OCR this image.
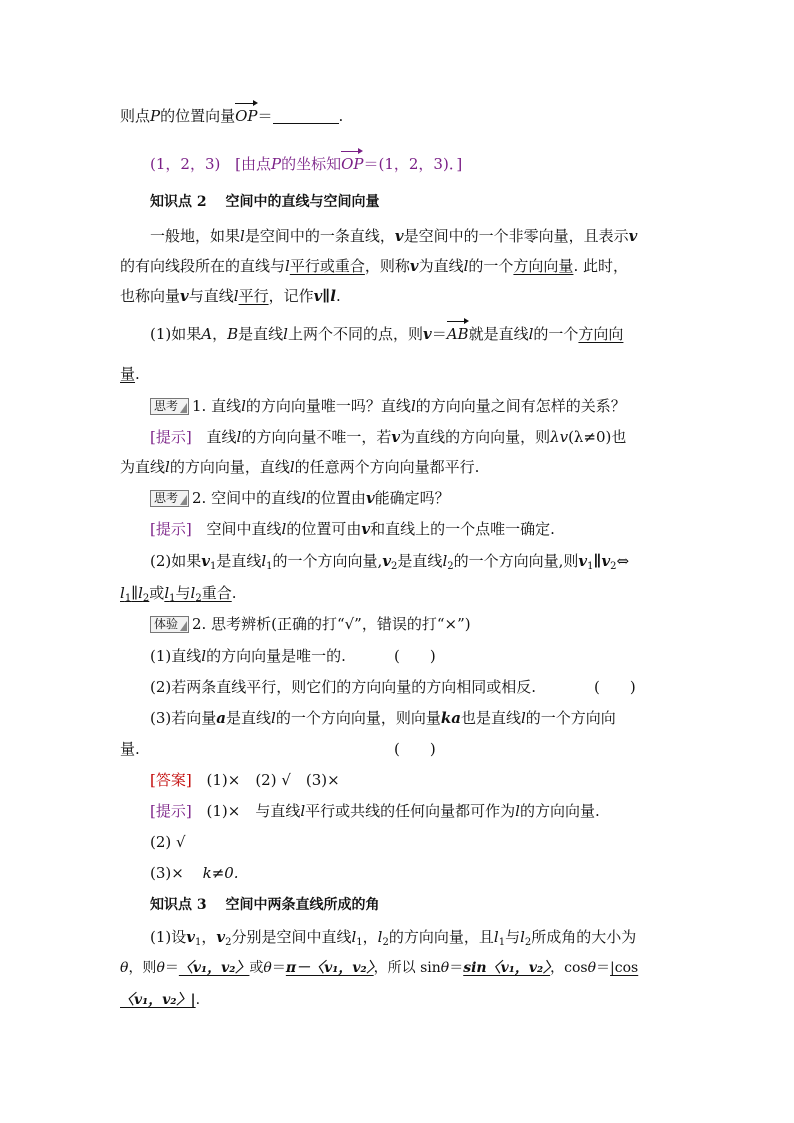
则点P的位置向量OP＝	.
(1，2，3) [由点P的坐标知OP＝(1，2，3)．]
知识点 2 空间中的直线与空间向量
一般地，如果l是空间中的一条直线，v是空间中的一个非零向量，且表示v
的有向线段所在的直线与l平行或重合，则称v为直线l的一个方向向量. 此时，
也称向量v与直线l平行，记作v∥l.
(1)如果A，B是直线l上两个不同的点，则v＝AB就是直线l的一个方向向
量.
思考 1. 直线l的方向向量唯一吗？直线l的方向向量之间有怎样的关系？
[提示] 直线l的方向向量不唯一，若v为直线的方向向量，则λv(λ≠0)也
为直线l的方向向量，直线l的任意两个方向向量都平行.
思考 2. 空间中的直线l的位置由v能确定吗？
[提示] 空间中直线l的位置可由v和直线上的一个点唯一确定.
(2)如果$v_1$是直线$l_1$的一个方向向量$,v_2$是直线$l_2$的一个方向向量,则$v_1\parallel v_2\Leftrightarrow$
$l_1\parallel l_2$或$l_1$与$l_2$重合.
体验 2. 思考辨析(正确的打“√”，错误的打“×”)
(1)直线l的方向向量是唯一的.	(　　)
(2)若两条直线平行，则它们的方向向量的方向相同或相反.	(　　)
(3)若向量a是直线l的一个方向向量，则向量ka也是直线l的一个方向向
量.	(　　)
[答案] (1)×　(2) √　(3)×
[提示] (1)×　与直线l平行或共线的任何向量都可作为l的方向向量.
(2) √
(3)× k≠0.
知识点 3 空间中两条直线所成的角
(1)设$v_1$，$v_2$分别是空间中直线$l_1$，$l_2$的方向向量，且$l_1$与$l_2$所成角的大小为
θ，则θ＝〈v₁，v₂〉或θ＝π－〈v₁，v₂〉，所以 sinθ＝sin〈v₁，v₂〉，cosθ＝|cos
〈v₁，v₂〉|.
